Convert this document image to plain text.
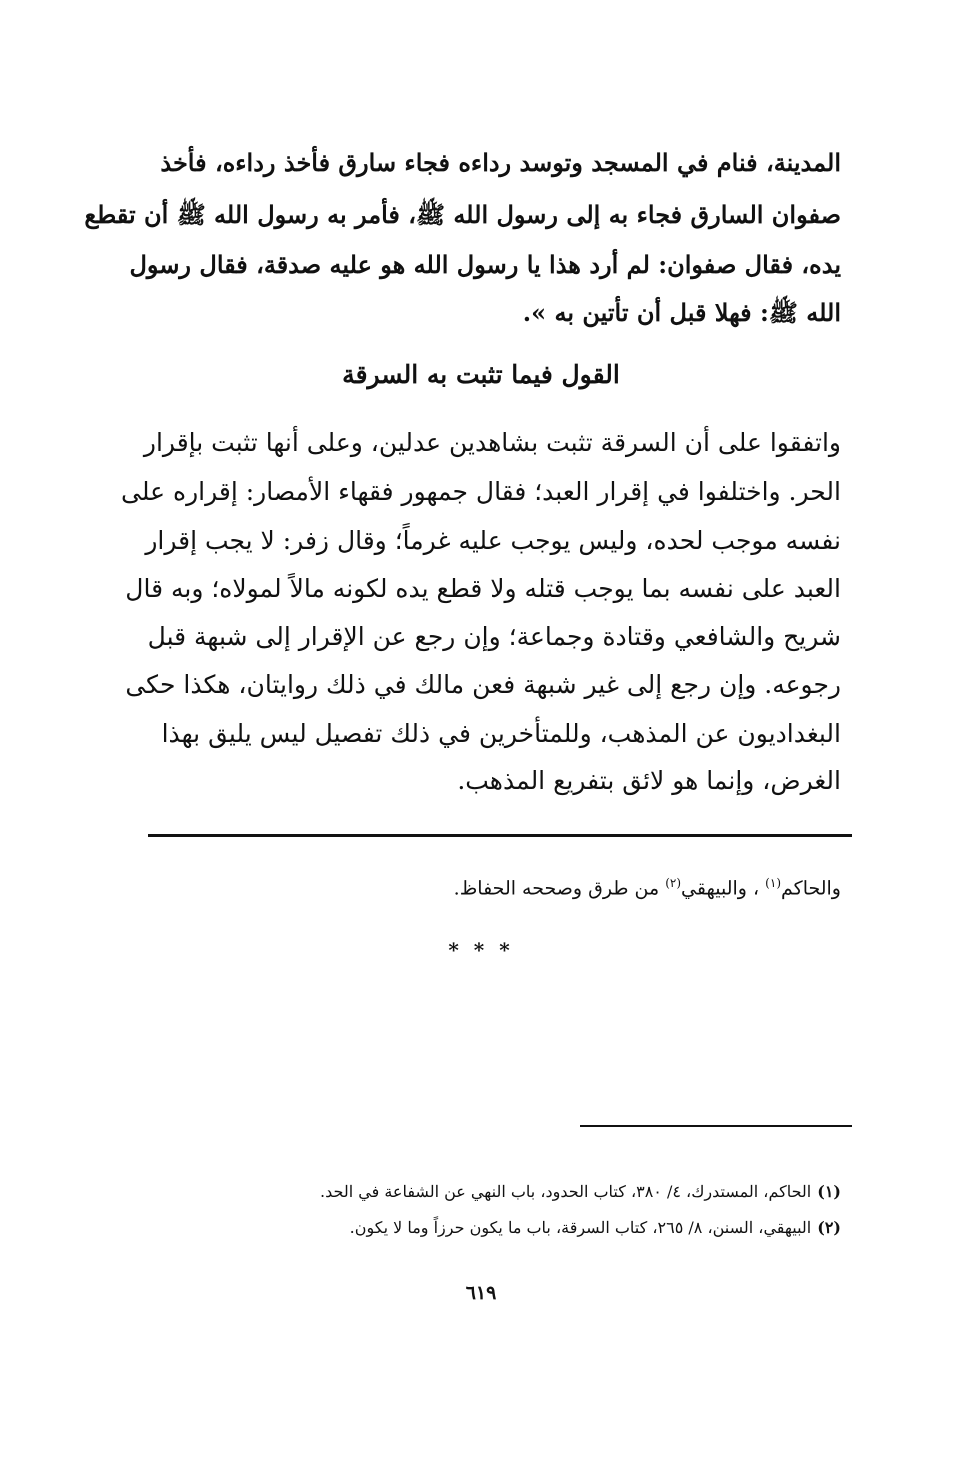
المدينة، فنام في المسجد وتوسد رداءه فجاء سارق فأخذ رداءه، فأخذ
صفوان السارق فجاء به إلى رسول الله ﷺ، فأمر به رسول الله ﷺ أن تقطع
يده، فقال صفوان: لم أرد هذا يا رسول الله هو عليه صدقة، فقال رسول
الله ﷺ: فهلا قبل أن تأتين به ».
القول فيما تثبت به السرقة
واتفقوا على أن السرقة تثبت بشاهدين عدلين، وعلى أنها تثبت بإقرار
الحر. واختلفوا في إقرار العبد؛ فقال جمهور فقهاء الأمصار: إقراره على
نفسه موجب لحده، وليس يوجب عليه غرماً؛ وقال زفر: لا يجب إقرار
العبد على نفسه بما يوجب قتله ولا قطع يده لكونه مالاً لمولاه؛ وبه قال
شريح والشافعي وقتادة وجماعة؛ وإن رجع عن الإقرار إلى شبهة قبل
رجوعه. وإن رجع إلى غير شبهة فعن مالك في ذلك روايتان، هكذا حكى
البغداديون عن المذهب، وللمتأخرين في ذلك تفصيل ليس يليق بهذا
الغرض، وإنما هو لائق بتفريع المذهب.
والحاكم$^{(١)}$ ، والبيهقي$^{(٢)}$ من طرق وصححه الحفاظ.
* * *
(١)الحاكم، المستدرك، ٤/ ٣٨٠، كتاب الحدود، باب النهي عن الشفاعة في الحد.
(٢)البيهقي، السنن، ٨/ ٢٦٥، كتاب السرقة، باب ما يكون حرزاً وما لا يكون.
٦١٩
